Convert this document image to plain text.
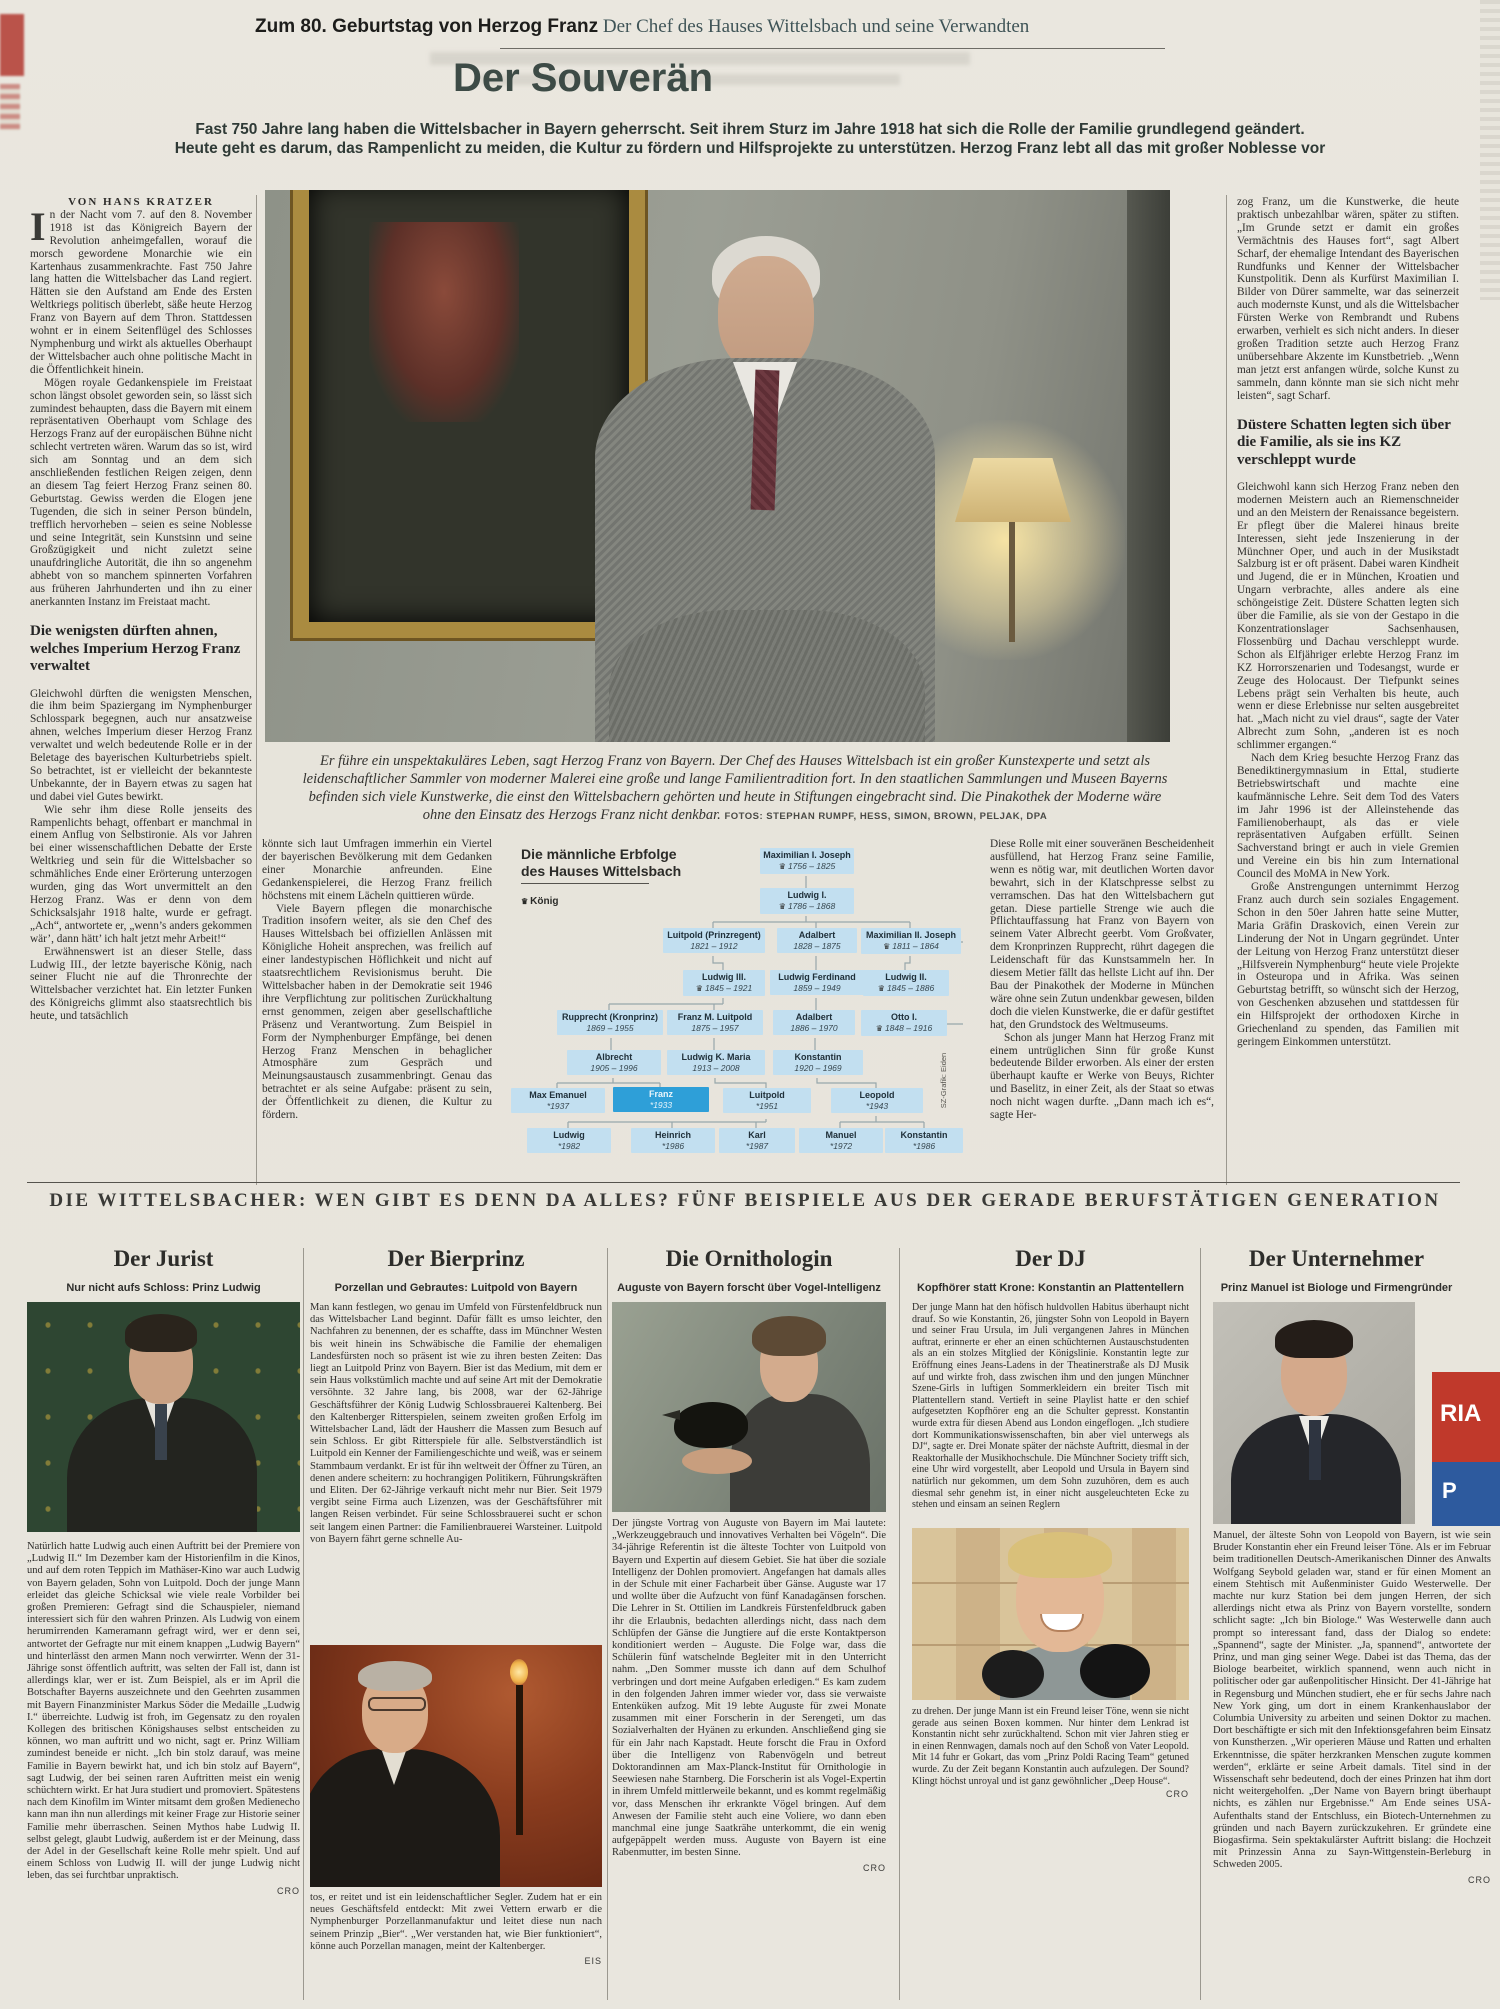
Zum 80. Geburtstag von Herzog Franz Der Chef des Hauses Wittelsbach und seine Verwandten
Der Souverän
Fast 750 Jahre lang haben die Wittelsbacher in Bayern geherrscht. Seit ihrem Sturz im Jahre 1918 hat sich die Rolle der Familie grundlegend geändert.
Heute geht es darum, das Rampenlicht zu meiden, die Kultur zu fördern und Hilfsprojekte zu unterstützen. Herzog Franz lebt all das mit großer Noblesse vor

VON HANS KRATZER

In der Nacht vom 7. auf den 8. November 1918 ist das Königreich Bayern der Revolution anheimgefallen, worauf die morsch gewordene Monarchie wie ein Kartenhaus zusammenkrachte. Fast 750 Jahre lang hatten die Wittelsbacher das Land regiert. Hätten sie den Aufstand am Ende des Ersten Weltkriegs politisch überlebt, säße heute Herzog Franz von Bayern auf dem Thron. Stattdessen wohnt er in einem Seitenflügel des Schlosses Nymphenburg und wirkt als aktuelles Oberhaupt der Wittelsbacher auch ohne politische Macht in die Öffentlichkeit hinein.

Mögen royale Gedankenspiele im Freistaat schon längst obsolet geworden sein, so lässt sich zumindest behaupten, dass die Bayern mit einem repräsentativen Oberhaupt vom Schlage des Herzogs Franz auf der europäischen Bühne nicht schlecht vertreten wären. Warum das so ist, wird sich am Sonntag und an dem sich anschließenden festlichen Reigen zeigen, denn an diesem Tag feiert Herzog Franz seinen 80. Geburtstag. Gewiss werden die Elogen jene Tugenden, die sich in seiner Person bündeln, trefflich hervorheben – seien es seine Noblesse und seine Integrität, sein Kunstsinn und seine Großzügigkeit und nicht zuletzt seine unaufdringliche Autorität, die ihn so angenehm abhebt von so manchem spinnerten Vorfahren aus früheren Jahrhunderten und ihn zu einer anerkannten Instanz im Freistaat macht.

Die wenigsten dürften ahnen, welches Imperium Herzog Franz verwaltet

Gleichwohl dürften die wenigsten Menschen, die ihm beim Spaziergang im Nymphenburger Schlosspark begegnen, auch nur ansatzweise ahnen, welches Imperium dieser Herzog Franz verwaltet und welch bedeutende Rolle er in der Beletage des bayerischen Kulturbetriebs spielt. So betrachtet, ist er vielleicht der bekannteste Unbekannte, der in Bayern etwas zu sagen hat und dabei viel Gutes bewirkt.

Wie sehr ihm diese Rolle jenseits des Rampenlichts behagt, offenbart er manchmal in einem Anflug von Selbstironie. Als vor Jahren bei einer wissenschaftlichen Debatte der Erste Weltkrieg und sein für die Wittelsbacher so schmähliches Ende einer Erörterung unterzogen wurden, ging das Wort unvermittelt an den Herzog Franz. Was er denn von dem Schicksalsjahr 1918 halte, wurde er gefragt. „Ach“, antwortete er, „wenn’s anders gekommen wär’, dann hätt’ ich halt jetzt mehr Arbeit!“

Erwähnenswert ist an dieser Stelle, dass Ludwig III., der letzte bayerische König, nach seiner Flucht nie auf die Thronrechte der Wittelsbacher verzichtet hat. Ein letzter Funken des Königreichs glimmt also staatsrechtlich bis heute, und tatsächlich

Er führe ein unspektakuläres Leben, sagt Herzog Franz von Bayern. Der Chef des Hauses Wittelsbach ist ein großer Kunstexperte und setzt als leidenschaftlicher Sammler von moderner Malerei eine große und lange Familientradition fort. In den staatlichen Sammlungen und Museen Bayerns befinden sich viele Kunstwerke, die einst den Wittelsbachern gehörten und heute in Stiftungen eingebracht sind. Die Pinakothek der Moderne wäre ohne den Einsatz des Herzogs Franz nicht denkbar. FOTOS: STEPHAN RUMPF, HESS, SIMON, BROWN, PELJAK, DPA

könnte sich laut Umfragen immerhin ein Viertel der bayerischen Bevölkerung mit dem Gedanken einer Monarchie anfreunden. Eine Gedankenspielerei, die Herzog Franz freilich höchstens mit einem Lächeln quittieren würde.

Viele Bayern pflegen die monarchische Tradition insofern weiter, als sie den Chef des Hauses Wittelsbach bei offiziellen Anlässen mit Königliche Hoheit ansprechen, was freilich auf einer landestypischen Höflichkeit und nicht auf staatsrechtlichem Revisionismus beruht. Die Wittelsbacher haben in der Demokratie seit 1946 ihre Verpflichtung zur politischen Zurückhaltung ernst genommen, zeigen aber gesellschaftliche Präsenz und Verantwortung. Zum Beispiel in Form der Nymphenburger Empfänge, bei denen Herzog Franz Menschen in behaglicher Atmosphäre zum Gespräch und Meinungsaustausch zusammenbringt. Genau das betrachtet er als seine Aufgabe: präsent zu sein, der Öffentlichkeit zu dienen, die Kultur zu fördern.

Die männliche Erbfolge
des Hauses Wittelsbach
♛ König
SZ-Grafik: Eiden
Maximilian I. Joseph
♛ 1756 – 1825
Ludwig I.
♛ 1786 – 1868
Luitpold (Prinzregent)
1821 – 1912
Adalbert
1828 – 1875
Maximilian II. Joseph
♛ 1811 – 1864
Ludwig III.
♛ 1845 – 1921
Ludwig Ferdinand
1859 – 1949
Ludwig II.
♛ 1845 – 1886
Rupprecht (Kronprinz)
1869 – 1955
Franz M. Luitpold
1875 – 1957
Adalbert
1886 – 1970
Otto I.
♛ 1848 – 1916
Albrecht
1905 – 1996
Ludwig K. Maria
1913 – 2008
Konstantin
1920 – 1969
Max Emanuel
*1937
Franz
*1933
Luitpold
*1951
Leopold
*1943
Ludwig
*1982
Heinrich
*1986
Karl
*1987
Manuel
*1972
Konstantin
*1986

Diese Rolle mit einer souveränen Bescheidenheit ausfüllend, hat Herzog Franz seine Familie, wenn es nötig war, mit deutlichen Worten davor bewahrt, sich in der Klatschpresse selbst zu verramschen. Das hat den Wittelsbachern gut getan. Diese partielle Strenge wie auch die Pflichtauffassung hat Franz von Bayern von seinem Vater Albrecht geerbt. Vom Großvater, dem Kronprinzen Rupprecht, rührt dagegen die Leidenschaft für das Kunstsammeln her. In diesem Metier fällt das hellste Licht auf ihn. Der Bau der Pinakothek der Moderne in München wäre ohne sein Zutun undenkbar gewesen, bilden doch die vielen Kunstwerke, die er dafür gestiftet hat, den Grundstock des Weltmuseums.

Schon als junger Mann hat Herzog Franz mit einem untrüglichen Sinn für große Kunst bedeutende Bilder erworben. Als einer der ersten überhaupt kaufte er Werke von Beuys, Richter und Baselitz, in einer Zeit, als der Staat so etwas noch nicht wagen durfte. „Dann mach ich es“, sagte Her-

zog Franz, um die Kunstwerke, die heute praktisch unbezahlbar wären, später zu stiften. „Im Grunde setzt er damit ein großes Vermächtnis des Hauses fort“, sagt Albert Scharf, der ehemalige Intendant des Bayerischen Rundfunks und Kenner der Wittelsbacher Kunstpolitik. Denn als Kurfürst Maximilian I. Bilder von Dürer sammelte, war das seinerzeit auch modernste Kunst, und als die Wittelsbacher Fürsten Werke von Rembrandt und Rubens erwarben, verhielt es sich nicht anders. In dieser großen Tradition setzte auch Herzog Franz unübersehbare Akzente im Kunstbetrieb. „Wenn man jetzt erst anfangen würde, solche Kunst zu sammeln, dann könnte man sie sich nicht mehr leisten“, sagt Scharf.

Düstere Schatten legten sich über die Familie, als sie ins KZ verschleppt wurde

Gleichwohl kann sich Herzog Franz neben den modernen Meistern auch an Riemenschneider und an den Meistern der Renaissance begeistern. Er pflegt über die Malerei hinaus breite Interessen, sieht jede Inszenierung in der Münchner Oper, und auch in der Musikstadt Salzburg ist er oft präsent. Dabei waren Kindheit und Jugend, die er in München, Kroatien und Ungarn verbrachte, alles andere als eine schöngeistige Zeit. Düstere Schatten legten sich über die Familie, als sie von der Gestapo in die Konzentrationslager Sachsenhausen, Flossenbürg und Dachau verschleppt wurde. Schon als Elfjähriger erlebte Herzog Franz im KZ Horrorszenarien und Todesangst, wurde er Zeuge des Holocaust. Der Tiefpunkt seines Lebens prägt sein Verhalten bis heute, auch wenn er diese Erlebnisse nur selten ausgebreitet hat. „Mach nicht zu viel draus“, sagte der Vater Albrecht zum Sohn, „anderen ist es noch schlimmer ergangen.“

Nach dem Krieg besuchte Herzog Franz das Benediktinergymnasium in Ettal, studierte Betriebswirtschaft und machte eine kaufmännische Lehre. Seit dem Tod des Vaters im Jahr 1996 ist der Alleinstehende das Familienoberhaupt, als das er viele repräsentativen Aufgaben erfüllt. Seinen Sachverstand bringt er auch in viele Gremien und Vereine ein bis hin zum International Council des MoMA in New York.

Große Anstrengungen unternimmt Herzog Franz auch durch sein soziales Engagement. Schon in den 50er Jahren hatte seine Mutter, Maria Gräfin Draskovich, einen Verein zur Linderung der Not in Ungarn gegründet. Unter der Leitung von Herzog Franz unterstützt dieser „Hilfsverein Nymphenburg“ heute viele Projekte in Osteuropa und in Afrika. Was seinen Geburtstag betrifft, so wünscht sich der Herzog, von Geschenken abzusehen und stattdessen für ein Hilfsprojekt der orthodoxen Kirche in Griechenland zu spenden, das Familien mit geringem Einkommen unterstützt.

DIE WITTELSBACHER: WEN GIBT ES DENN DA ALLES? FÜNF BEISPIELE AUS DER GERADE BERUFSTÄTIGEN GENERATION
Der Jurist
Nur nicht aufs Schloss: Prinz Ludwig

Natürlich hatte Ludwig auch einen Auftritt bei der Premiere von „Ludwig II.“ Im Dezember kam der Historienfilm in die Kinos, und auf dem roten Teppich im Mathäser-Kino war auch Ludwig von Bayern geladen, Sohn von Luitpold. Doch der junge Mann erleidet das gleiche Schicksal wie viele reale Vorbilder bei großen Premieren: Gefragt sind die Schauspieler, niemand interessiert sich für den wahren Prinzen. Als Ludwig von einem herumirrenden Kameramann gefragt wird, wer er denn sei, antwortet der Gefragte nur mit einem knappen „Ludwig Bayern“ und hinterlässt den armen Mann noch verwirrter. Wenn der 31-Jährige sonst öffentlich auftritt, was selten der Fall ist, dann ist allerdings klar, wer er ist. Zum Beispiel, als er im April die Botschafter Bayerns auszeichnete und den Geehrten zusammen mit Bayern Finanzminister Markus Söder die Medaille „Ludwig I.“ überreichte. Ludwig ist froh, im Gegensatz zu den royalen Kollegen des britischen Königshauses selbst entscheiden zu können, wo man auftritt und wo nicht, sagt er. Prinz William zumindest beneide er nicht. „Ich bin stolz darauf, was meine Familie in Bayern bewirkt hat, und ich bin stolz auf Bayern“, sagt Ludwig, der bei seinen raren Auftritten meist ein wenig schüchtern wirkt. Er hat Jura studiert und promoviert. Spätestens nach dem Kinofilm im Winter mitsamt dem großen Medienecho kann man ihn nun allerdings mit keiner Frage zur Historie seiner Familie mehr überraschen. Seinen Mythos habe Ludwig II. selbst gelegt, glaubt Ludwig, außerdem ist er der Meinung, dass der Adel in der Gesellschaft keine Rolle mehr spielt. Und auf einem Schloss von Ludwig II. will der junge Ludwig nicht leben, das sei furchtbar unpraktisch.

CRO
Der Bierprinz
Porzellan und Gebrautes: Luitpold von Bayern

Man kann festlegen, wo genau im Umfeld von Fürstenfeldbruck nun das Wittelsbacher Land beginnt. Dafür fällt es umso leichter, den Nachfahren zu benennen, der es schaffte, dass im Münchner Westen bis weit hinein ins Schwäbische die Familie der ehemaligen Landesfürsten noch so präsent ist wie zu ihren besten Zeiten: Das liegt an Luitpold Prinz von Bayern. Bier ist das Medium, mit dem er sein Haus volkstümlich machte und auf seine Art mit der Demokratie versöhnte. 32 Jahre lang, bis 2008, war der 62-Jährige Geschäftsführer der König Ludwig Schlossbrauerei Kaltenberg. Bei den Kaltenberger Ritterspielen, seinem zweiten großen Erfolg im Wittelsbacher Land, lädt der Hausherr die Massen zum Besuch auf sein Schloss. Er gibt Ritterspiele für alle. Selbstverständlich ist Luitpold ein Kenner der Familiengeschichte und weiß, was er seinem Stammbaum verdankt. Er ist für ihn weltweit der Öffner zu Türen, an denen andere scheitern: zu hochrangigen Politikern, Führungskräften und Eliten. Der 62-Jährige verkauft nicht mehr nur Bier. Seit 1979 vergibt seine Firma auch Lizenzen, was der Geschäftsführer mit langen Reisen verbindet. Für seine Schlossbrauerei sucht er schon seit langem einen Partner: die Familienbrauerei Warsteiner. Luitpold von Bayern fährt gerne schnelle Au-

tos, er reitet und ist ein leidenschaftlicher Segler. Zudem hat er ein neues Geschäftsfeld entdeckt: Mit zwei Vettern erwarb er die Nymphenburger Porzellanmanufaktur und leitet diese nun nach seinem Prinzip „Bier“. „Wer verstanden hat, wie Bier funktioniert“, könne auch Porzellan managen, meint der Kaltenberger.

EIS
Die Ornithologin
Auguste von Bayern forscht über Vogel-Intelligenz

Der jüngste Vortrag von Auguste von Bayern im Mai lautete: „Werkzeuggebrauch und innovatives Verhalten bei Vögeln“. Die 34-jährige Referentin ist die älteste Tochter von Luitpold von Bayern und Expertin auf diesem Gebiet. Sie hat über die soziale Intelligenz der Dohlen promoviert. Angefangen hat damals alles in der Schule mit einer Facharbeit über Gänse. Auguste war 17 und wollte über die Aufzucht von fünf Kanadagänsen forschen. Die Lehrer in St. Ottilien im Landkreis Fürstenfeldbruck gaben ihr die Erlaubnis, bedachten allerdings nicht, dass nach dem Schlüpfen der Gänse die Jungtiere auf die erste Kontaktperson konditioniert werden – Auguste. Die Folge war, dass die Schülerin fünf watschelnde Begleiter mit in den Unterricht nahm. „Den Sommer musste ich dann auf dem Schulhof verbringen und dort meine Aufgaben erledigen.“ Es kam zudem in den folgenden Jahren immer wieder vor, dass sie verwaiste Entenküken aufzog. Mit 19 lebte Auguste für zwei Monate zusammen mit einer Forscherin in der Serengeti, um das Sozialverhalten der Hyänen zu erkunden. Anschließend ging sie für ein Jahr nach Kapstadt. Heute forscht die Frau in Oxford über die Intelligenz von Rabenvögeln und betreut Doktorandinnen am Max-Planck-Institut für Ornithologie in Seewiesen nahe Starnberg. Die Forscherin ist als Vogel-Expertin in ihrem Umfeld mittlerweile bekannt, und es kommt regelmäßig vor, dass Menschen ihr erkrankte Vögel bringen. Auf dem Anwesen der Familie steht auch eine Voliere, wo dann eben manchmal eine junge Saatkrähe unterkommt, die ein wenig aufgepäppelt werden muss. Auguste von Bayern ist eine Rabenmutter, im besten Sinne.

CRO
Der DJ
Kopfhörer statt Krone: Konstantin an Plattentellern

Der junge Mann hat den höfisch huldvollen Habitus überhaupt nicht drauf. So wie Konstantin, 26, jüngster Sohn von Leopold in Bayern und seiner Frau Ursula, im Juli vergangenen Jahres in München auftrat, erinnerte er eher an einen schüchternen Austauschstudenten als an ein stolzes Mitglied der Königslinie. Konstantin legte zur Eröffnung eines Jeans-Ladens in der Theatinerstraße als DJ Musik auf und wirkte froh, dass zwischen ihm und den jungen Münchner Szene-Girls in luftigen Sommerkleidern ein breiter Tisch mit Plattentellern stand. Vertieft in seine Playlist hatte er den schief aufgesetzten Kopfhörer eng an die Schulter gepresst. Konstantin wurde extra für diesen Abend aus London eingeflogen. „Ich studiere dort Kommunikationswissenschaften, bin aber viel unterwegs als DJ“, sagte er. Drei Monate später der nächste Auftritt, diesmal in der Reaktorhalle der Musikhochschule. Die Münchner Society trifft sich, eine Uhr wird vorgestellt, aber Leopold und Ursula in Bayern sind natürlich nur gekommen, um dem Sohn zuzuhören, dem es auch diesmal sehr genehm ist, in einer nicht ausgeleuchteten Ecke zu stehen und einsam an seinen Reglern

zu drehen. Der junge Mann ist ein Freund leiser Töne, wenn sie nicht gerade aus seinen Boxen kommen. Nur hinter dem Lenkrad ist Konstantin nicht sehr zurückhaltend. Schon mit vier Jahren stieg er in einen Rennwagen, damals noch auf den Schoß von Vater Leopold. Mit 14 fuhr er Gokart, das vom „Prinz Poldi Racing Team“ getuned wurde. Zu der Zeit begann Konstantin auch aufzulegen. Der Sound? Klingt höchst unroyal und ist ganz gewöhnlicher „Deep House“.

CRO
Der Unternehmer
Prinz Manuel ist Biologe und Firmengründer
RIA
P

Manuel, der älteste Sohn von Leopold von Bayern, ist wie sein Bruder Konstantin eher ein Freund leiser Töne. Als er im Februar beim traditionellen Deutsch-Amerikanischen Dinner des Anwalts Wolfgang Seybold geladen war, stand er für einen Moment an einem Stehtisch mit Außenminister Guido Westerwelle. Der machte nur kurz Station bei dem jungen Herren, der sich allerdings nicht etwa als Prinz von Bayern vorstellte, sondern schlicht sagte: „Ich bin Biologe.“ Was Westerwelle dann auch prompt so interessant fand, dass der Dialog so endete: „Spannend“, sagte der Minister. „Ja, spannend“, antwortete der Prinz, und man ging seiner Wege. Dabei ist das Thema, das der Biologe bearbeitet, wirklich spannend, wenn auch nicht in politischer oder gar außenpolitischer Hinsicht. Der 41-Jährige hat in Regensburg und München studiert, ehe er für sechs Jahre nach New York ging, um dort in einem Krankenhauslabor der Columbia University zu arbeiten und seinen Doktor zu machen. Dort beschäftigte er sich mit den Infektionsgefahren beim Einsatz von Kunstherzen. „Wir operieren Mäuse und Ratten und erhalten Erkenntnisse, die später herzkranken Menschen zugute kommen werden“, erklärte er seine Arbeit damals. Titel sind in der Wissenschaft sehr bedeutend, doch der eines Prinzen hat ihm dort nicht weitergeholfen. „Der Name von Bayern bringt überhaupt nichts, es zählen nur Ergebnisse.“ Am Ende seines USA-Aufenthalts stand der Entschluss, ein Biotech-Unternehmen zu gründen und nach Bayern zurückzukehren. Er gründete eine Biogasfirma. Sein spektakulärster Auftritt bislang: die Hochzeit mit Prinzessin Anna zu Sayn-Wittgenstein-Berleburg in Schweden 2005.

CRO
